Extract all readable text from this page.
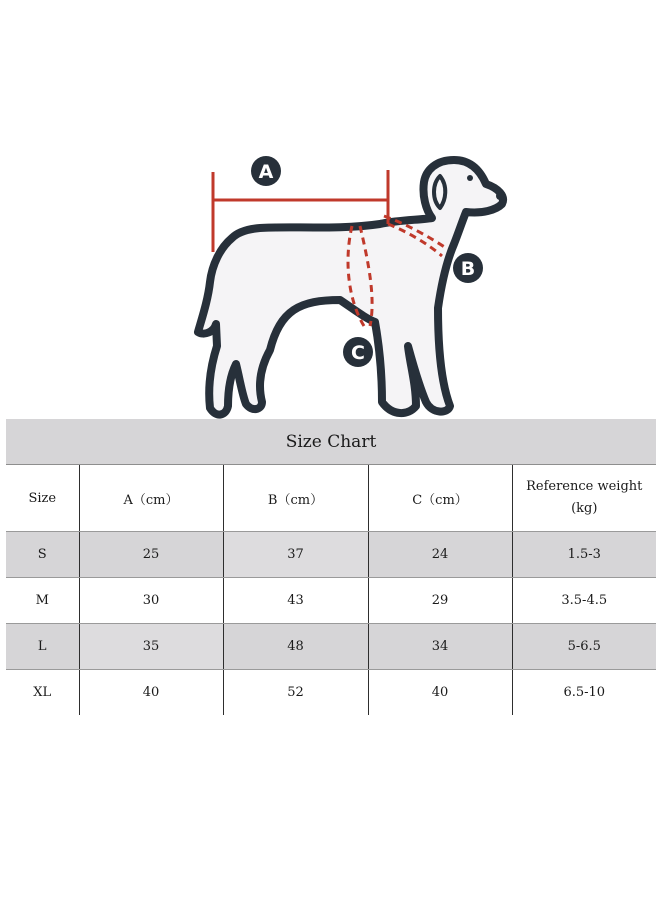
A
B
C
Size Chart				
Size	A（cm）	B（cm）	C（cm）	Reference weight
(kg)

S	25	37	24	1.5-3
M	30	43	29	3.5-4.5
L	35	48	34	5-6.5
XL	40	52	40	6.5-10
